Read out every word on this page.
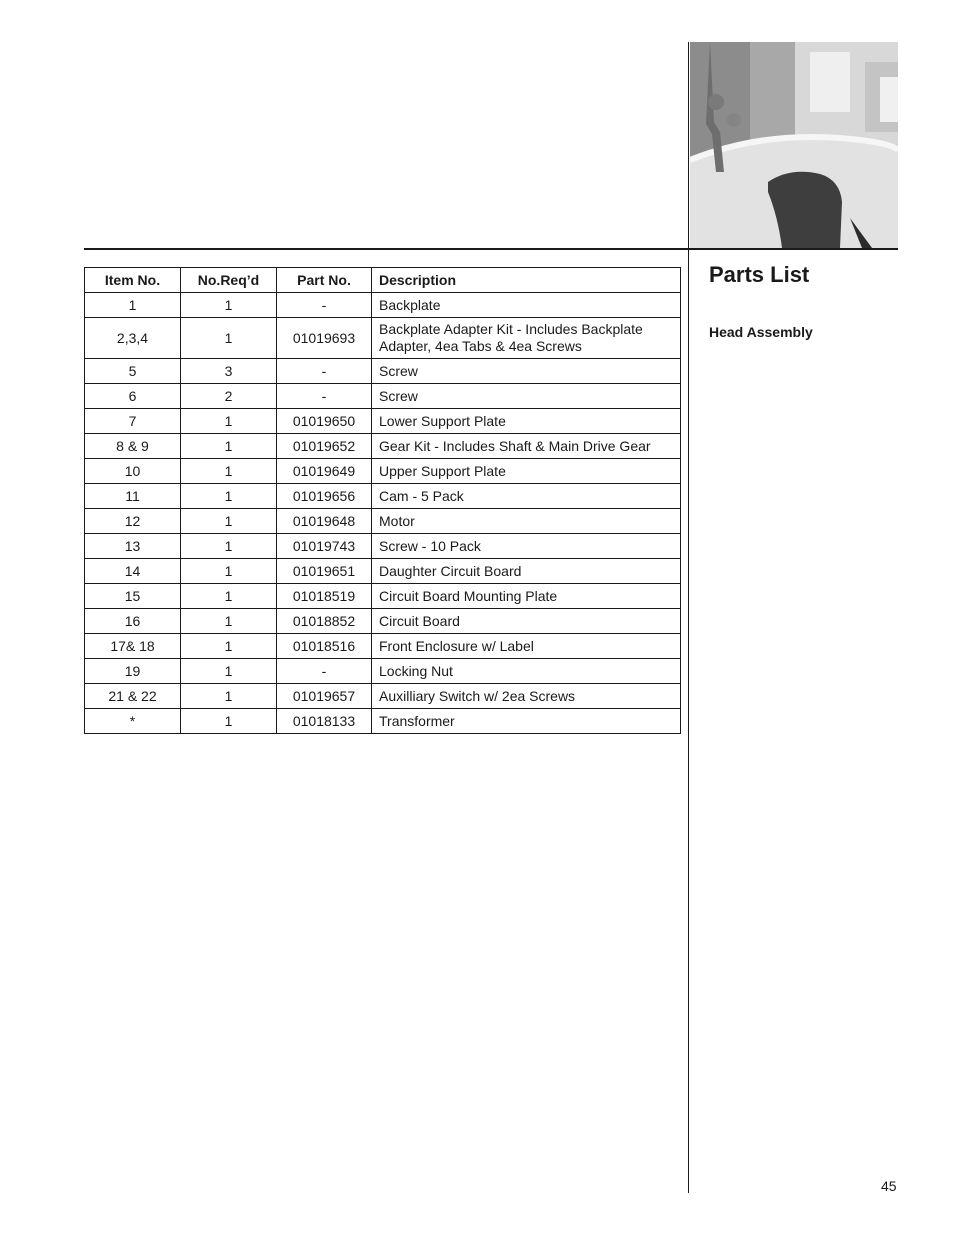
Parts List
Head Assembly
Item No.	No.Req’d	Part No.	Description
1	1	-	Backplate
2,3,4	1	01019693	Backplate Adapter Kit - Includes Backplate Adapter, 4ea Tabs & 4ea Screws
5	3	-	Screw
6	2	-	Screw
7	1	01019650	Lower Support Plate
8 & 9	1	01019652	Gear Kit - Includes Shaft & Main Drive Gear
10	1	01019649	Upper Support Plate
11	1	01019656	Cam - 5 Pack
12	1	01019648	Motor
13	1	01019743	Screw - 10 Pack
14	1	01019651	Daughter Circuit Board
15	1	01018519	Circuit Board Mounting Plate
16	1	01018852	Circuit Board
17& 18	1	01018516	Front Enclosure w/ Label
19	1	-	Locking Nut
21 & 22	1	01019657	Auxilliary Switch w/ 2ea Screws
*	1	01018133	Transformer
45
